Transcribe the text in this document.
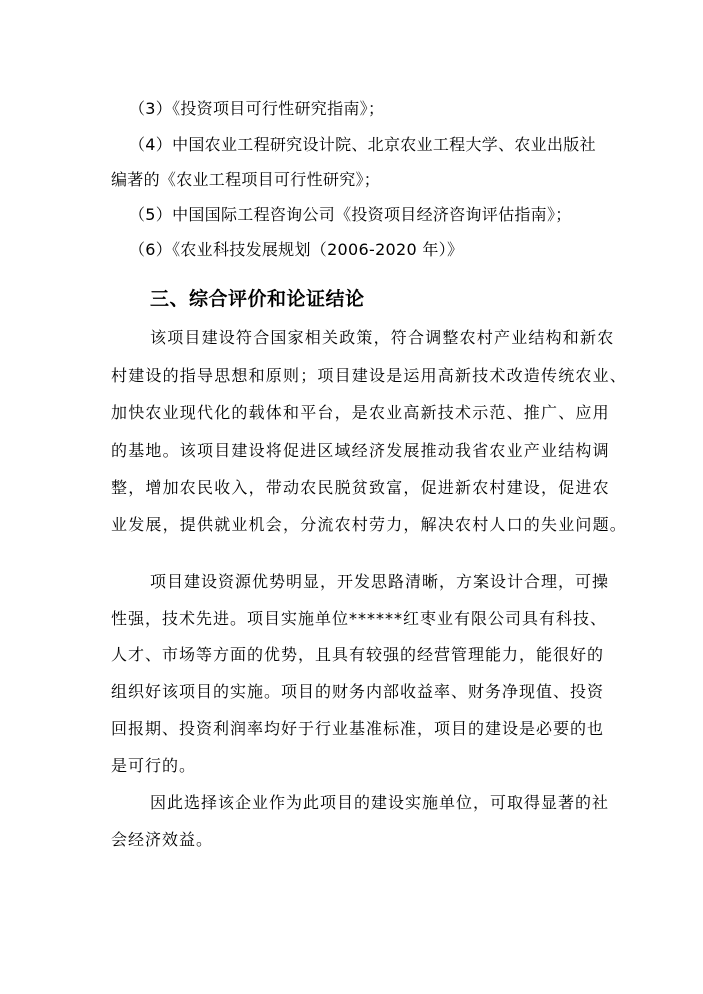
（3）《投资项目可行性研究指南》；
（4）中国农业工程研究设计院、北京农业工程大学、农业出版社
编著的《农业工程项目可行性研究》；
（5）中国国际工程咨询公司《投资项目经济咨询评估指南》；
（6）《农业科技发展规划（2006-2020 年）》
三、综合评价和论证结论
该项目建设符合国家相关政策，符合调整农村产业结构和新农
村建设的指导思想和原则；项目建设是运用高新技术改造传统农业、
加快农业现代化的载体和平台，是农业高新技术示范、推广、应用
的基地。该项目建设将促进区域经济发展推动我省农业产业结构调
整，增加农民收入，带动农民脱贫致富，促进新农村建设，促进农
业发展，提供就业机会，分流农村劳力，解决农村人口的失业问题。
项目建设资源优势明显，开发思路清晰，方案设计合理，可操
性强，技术先进。项目实施单位******红枣业有限公司具有科技、
人才、市场等方面的优势，且具有较强的经营管理能力，能很好的
组织好该项目的实施。项目的财务内部收益率、财务净现值、投资
回报期、投资利润率均好于行业基准标准，项目的建设是必要的也
是可行的。
因此选择该企业作为此项目的建设实施单位，可取得显著的社
会经济效益。
